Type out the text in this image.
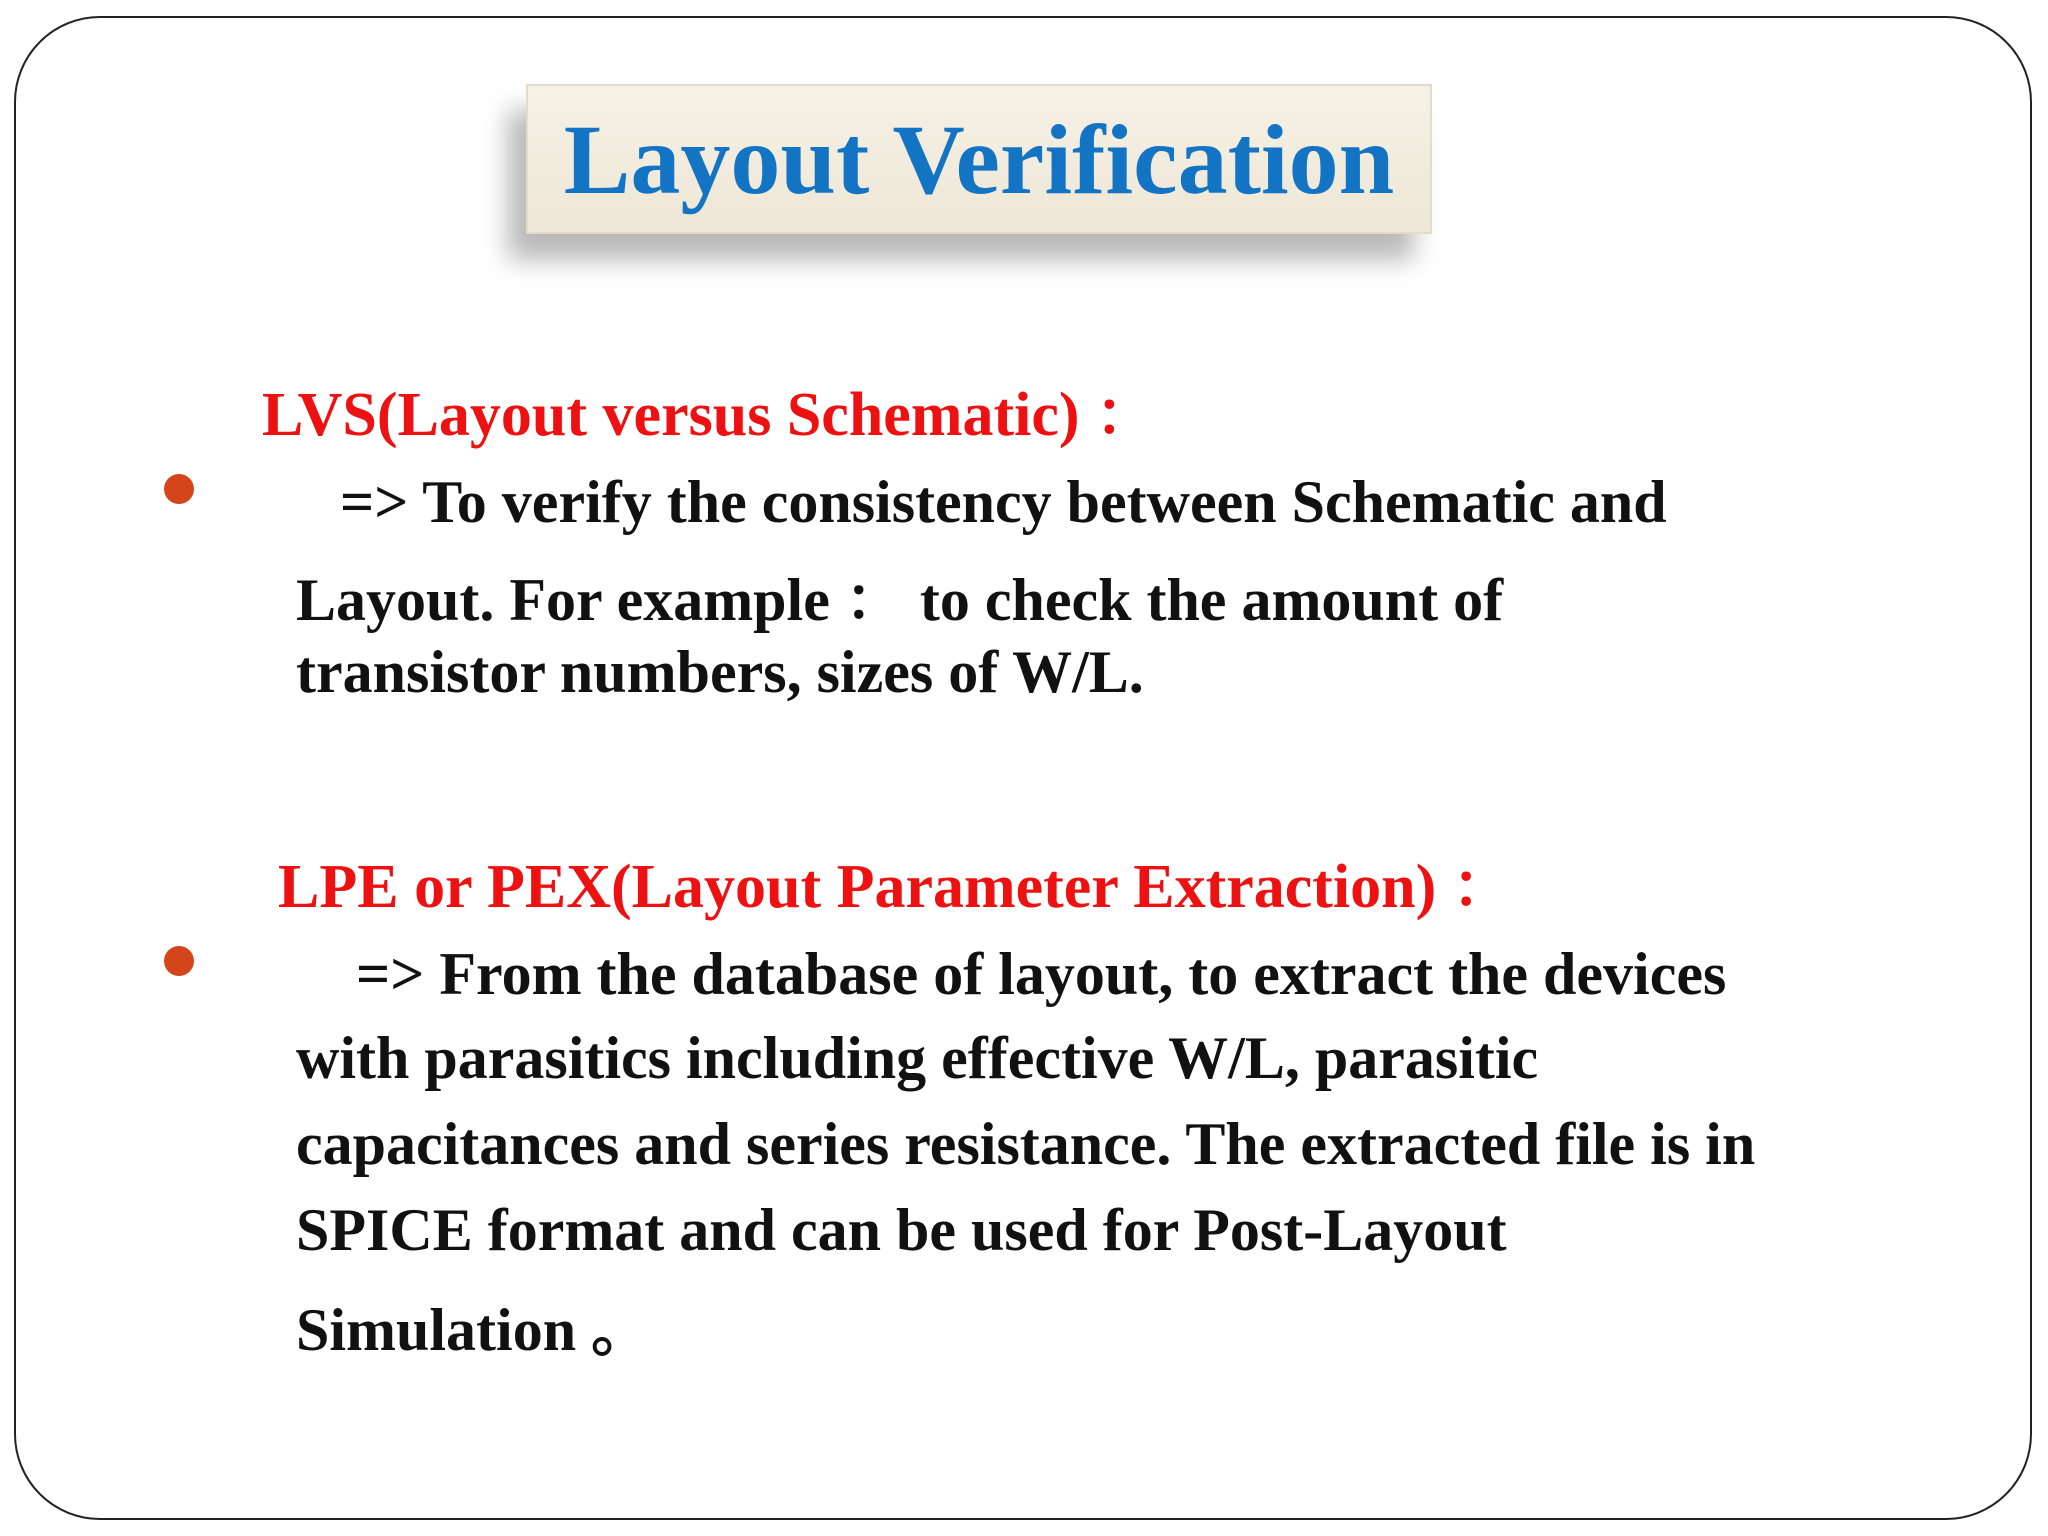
Layout Verification
LVS(Layout versus Schematic) ：
=> To verify the consistency between Schematic and
Layout. For example ： to check the amount of
transistor numbers, sizes of W/L.
LPE or PEX(Layout Parameter Extraction) ：
=> From the database of layout, to extract the devices
with parasitics including effective W/L, parasitic
capacitances and series resistance. The extracted file is in
SPICE format and can be used for Post-Layout
Simulation 。
